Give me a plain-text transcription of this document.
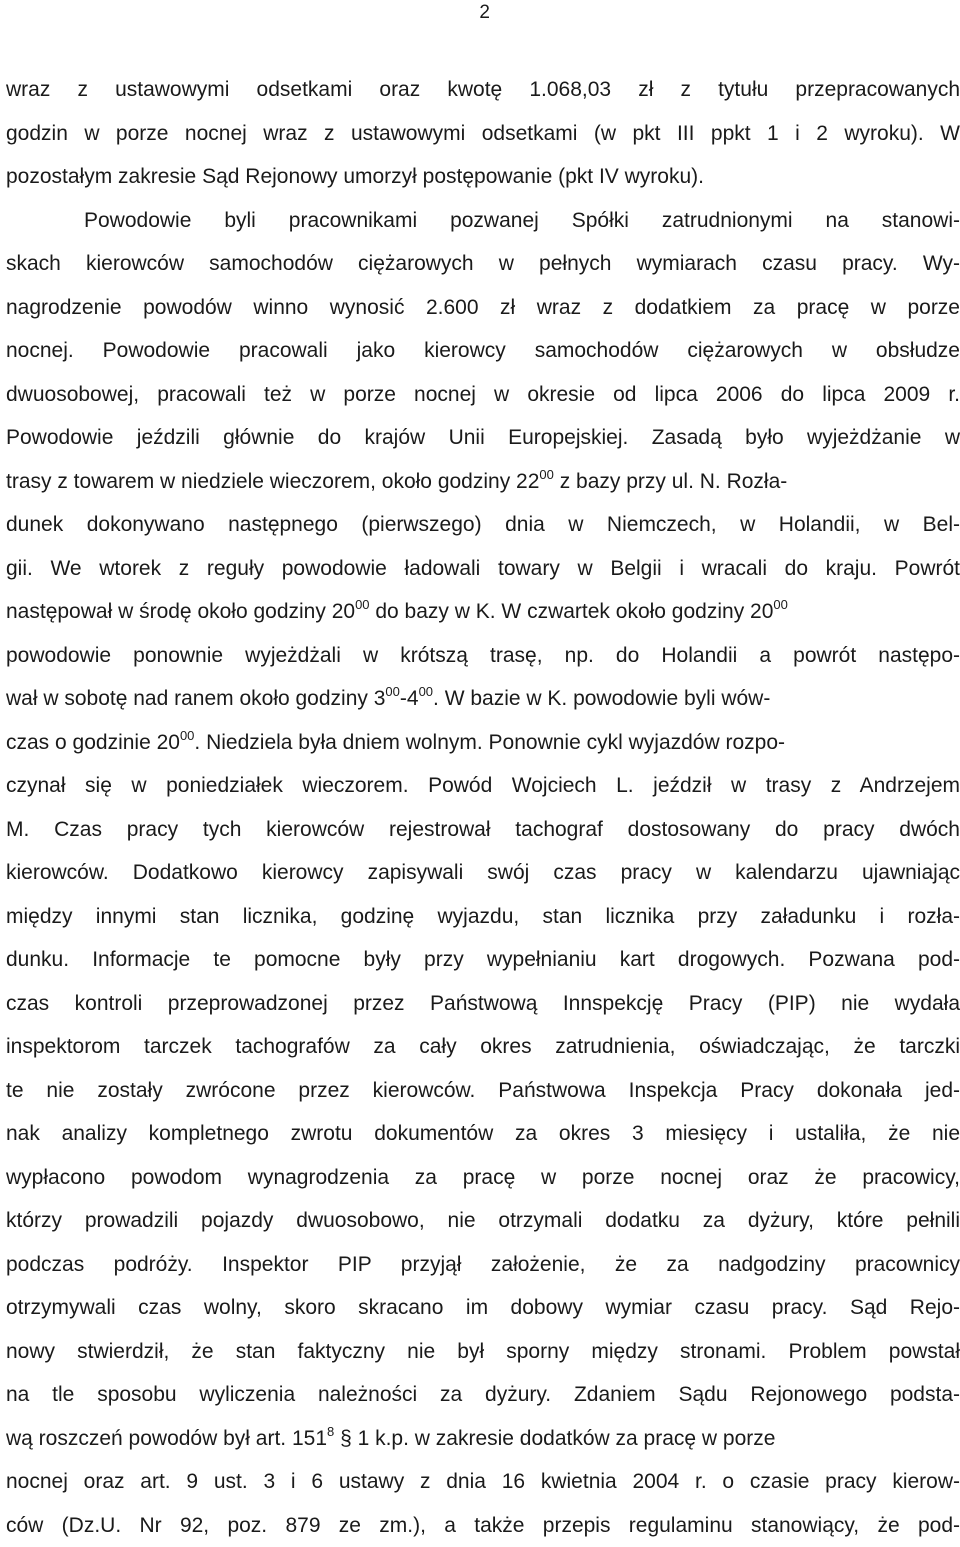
2
wraz z ustawowymi odsetkami oraz kwotę 1.068,03 zł z tytułu przepracowanych
godzin w porze nocnej wraz z ustawowymi odsetkami (w pkt III ppkt 1 i 2 wyroku). W
pozostałym zakresie Sąd Rejonowy umorzył postępowanie (pkt IV wyroku).
Powodowie byli pracownikami pozwanej Spółki zatrudnionymi na stanowi-
skach kierowców samochodów ciężarowych w pełnych wymiarach czasu pracy. Wy-
nagrodzenie powodów winno wynosić 2.600 zł wraz z dodatkiem za pracę w porze
nocnej. Powodowie pracowali jako kierowcy samochodów ciężarowych w obsłudze
dwuosobowej, pracowali też w porze nocnej w okresie od lipca 2006 do lipca 2009 r.
Powodowie jeździli głównie do krajów Unii Europejskiej. Zasadą było wyjeżdżanie w
trasy z towarem w niedziele wieczorem, około godziny $22^{00}$ z bazy przy ul. N. Rozła-
dunek dokonywano następnego (pierwszego) dnia w Niemczech, w Holandii, w Bel-
gii. We wtorek z reguły powodowie ładowali towary w Belgii i wracali do kraju. Powrót
następował w środę około godziny $20^{00}$ do bazy w K. W czwartek około godziny $20^{00}$
powodowie ponownie wyjeżdżali w krótszą trasę, np. do Holandii a powrót następo-
wał w sobotę nad ranem około godziny $3^{00}-4^{00}$. W bazie w K. powodowie byli wów-
czas o godzinie $20^{00}$. Niedziela była dniem wolnym. Ponownie cykl wyjazdów rozpo-
czynał się w poniedziałek wieczorem. Powód Wojciech L. jeździł w trasy z Andrzejem
M. Czas pracy tych kierowców rejestrował tachograf dostosowany do pracy dwóch
kierowców. Dodatkowo kierowcy zapisywali swój czas pracy w kalendarzu ujawniając
między innymi stan licznika, godzinę wyjazdu, stan licznika przy załadunku i rozła-
dunku. Informacje te pomocne były przy wypełnianiu kart drogowych. Pozwana pod-
czas kontroli przeprowadzonej przez Państwową Innspekcję Pracy (PIP) nie wydała
inspektorom tarczek tachografów za cały okres zatrudnienia, oświadczając, że tarczki
te nie zostały zwrócone przez kierowców. Państwowa Inspekcja Pracy dokonała jed-
nak analizy kompletnego zwrotu dokumentów za okres 3 miesięcy i ustaliła, że nie
wypłacono powodom wynagrodzenia za pracę w porze nocnej oraz że pracowicy,
którzy prowadzili pojazdy dwuosobowo, nie otrzymali dodatku za dyżury, które pełnili
podczas podróży. Inspektor PIP przyjął założenie, że za nadgodziny pracownicy
otrzymywali czas wolny, skoro skracano im dobowy wymiar czasu pracy. Sąd Rejo-
nowy stwierdził, że stan faktyczny nie był sporny między stronami. Problem powstał
na tle sposobu wyliczenia należności za dyżury. Zdaniem Sądu Rejonowego podsta-
wą roszczeń powodów był art. $151^8$ § 1 k.p. w zakresie dodatków za pracę w porze
nocnej oraz art. 9 ust. 3 i 6 ustawy z dnia 16 kwietnia 2004 r. o czasie pracy kierow-
ców (Dz.U. Nr 92, poz. 879 ze zm.), a także przepis regulaminu stanowiący, że pod-
